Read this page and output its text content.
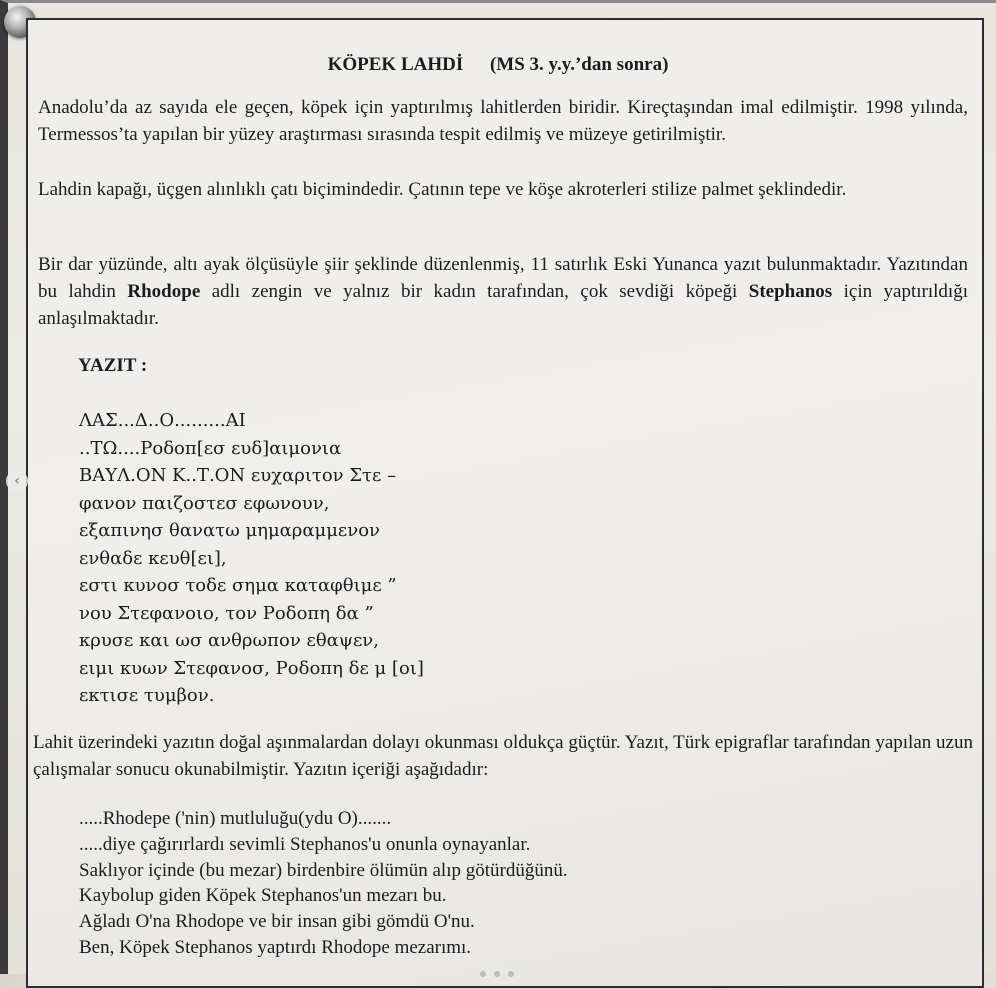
KÖPEK LAHDİ (MS 3. y.y.’dan sonra)

Anadolu’da az sayıda ele geçen, köpek için yaptırılmış lahitlerden biridir. Kireçtaşından imal edilmiştir. 1998 yılında, Termessos’ta yapılan bir yüzey araştırması sırasında tespit edilmiş ve müzeye getirilmiştir.

Lahdin kapağı, üçgen alınlıklı çatı biçimindedir. Çatının tepe ve köşe akroterleri stilize palmet şeklindedir.

Bir dar yüzünde, altı ayak ölçüsüyle şiir şeklinde düzenlenmiş, 11 satırlık Eski Yunanca yazıt bulunmaktadır. Yazıtından bu lahdin Rhodope adlı zengin ve yalnız bir kadın tarafından, çok sevdiği köpeği Stephanos için yaptırıldığı anlaşılmaktadır.

YAZIT :

ΛΑΣ...Δ..Ο.........ΑΙ
..ΤΩ....Ροδοπ[εσ ευδ]αιμονια
ΒΑΥΛ.ΟΝ Κ..Τ.ΟΝ ευχαριτον Στε –
φανον παιζοστεσ εφωνουν,
εξαπινησ θανατω μημαραμμενον
ενθαδε κευθ[ει],
εστι κυνοσ τοδε σημα καταφθιμε ”
νου Στεφανοιο, τον Ροδοπη δα ”
κρυσε και ωσ ανθρωπον εθαψεν,
ειμι κυων Στεφανοσ, Ροδοπη δε μ [οι]
εκτισε τυμβον.

Lahit üzerindeki yazıtın doğal aşınmalardan dolayı okunması oldukça güçtür. Yazıt, Türk epigraflar tarafından yapılan uzun çalışmalar sonucu okunabilmiştir. Yazıtın içeriği aşağıdadır:

.....Rhodepe ('nin) mutluluğu(ydu O).......
.....diye çağırırlardı sevimli Stephanos'u onunla oynayanlar.
Saklıyor içinde (bu mezar) birdenbire ölümün alıp götürdüğünü.
Kaybolup giden Köpek Stephanos'un mezarı bu.
Ağladı O'na Rhodope ve bir insan gibi gömdü O'nu.
Ben, Köpek Stephanos yaptırdı Rhodope mezarımı.
‹
